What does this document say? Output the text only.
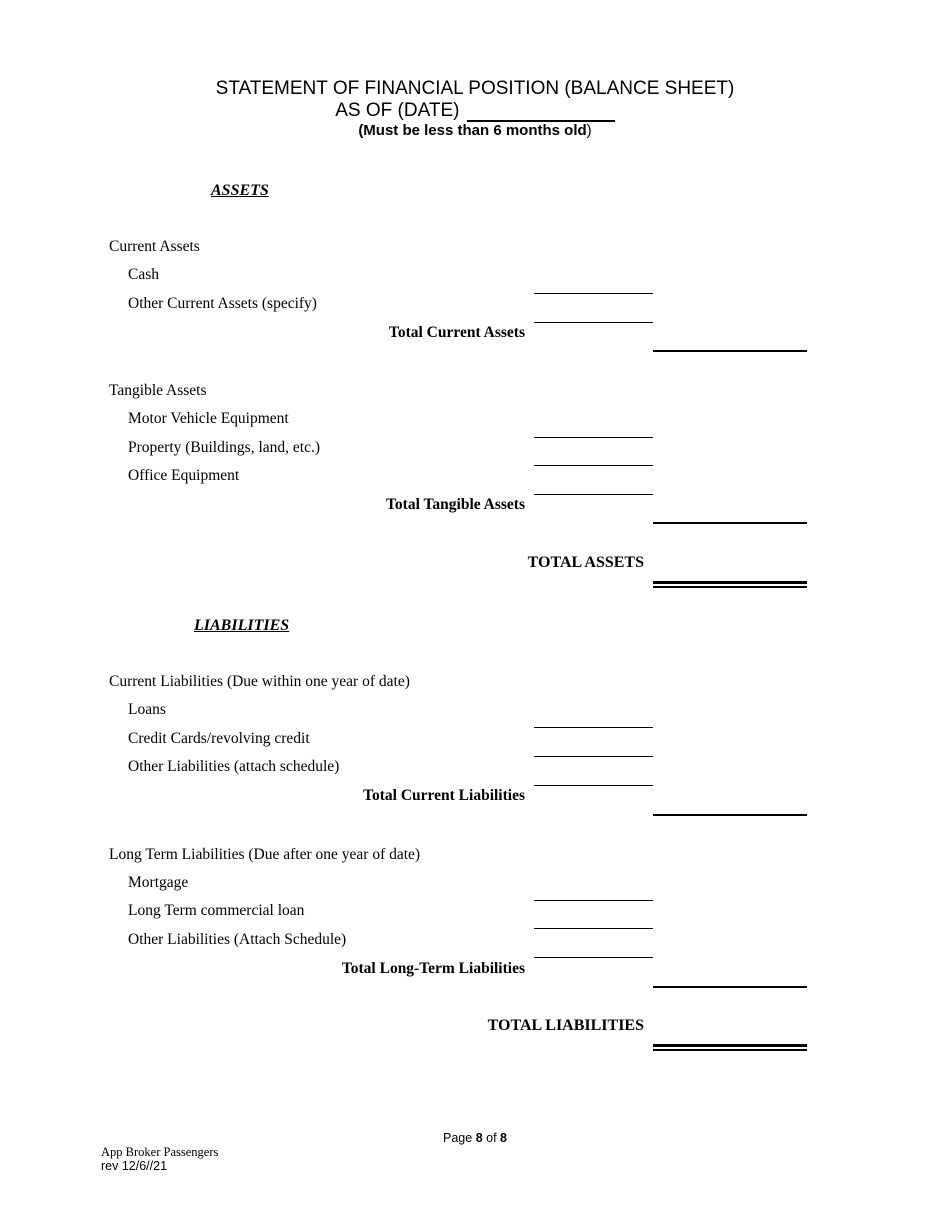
STATEMENT OF FINANCIAL POSITION (BALANCE SHEET)
AS OF (DATE)
(Must be less than 6 months old)
ASSETS
Current Assets
Cash
Other Current Assets (specify)
Total Current Assets
Tangible Assets
Motor Vehicle Equipment
Property (Buildings, land, etc.)
Office Equipment
Total Tangible Assets
TOTAL ASSETS
LIABILITIES
Current Liabilities (Due within one year of date)
Loans
Credit Cards/revolving credit
Other Liabilities (attach schedule)
Total Current Liabilities
Long Term Liabilities (Due after one year of date)
Mortgage
Long Term commercial loan
Other Liabilities (Attach Schedule)
Total Long-Term Liabilities
TOTAL LIABILITIES
Page 8 of 8
App Broker Passengers
rev 12/6//21
